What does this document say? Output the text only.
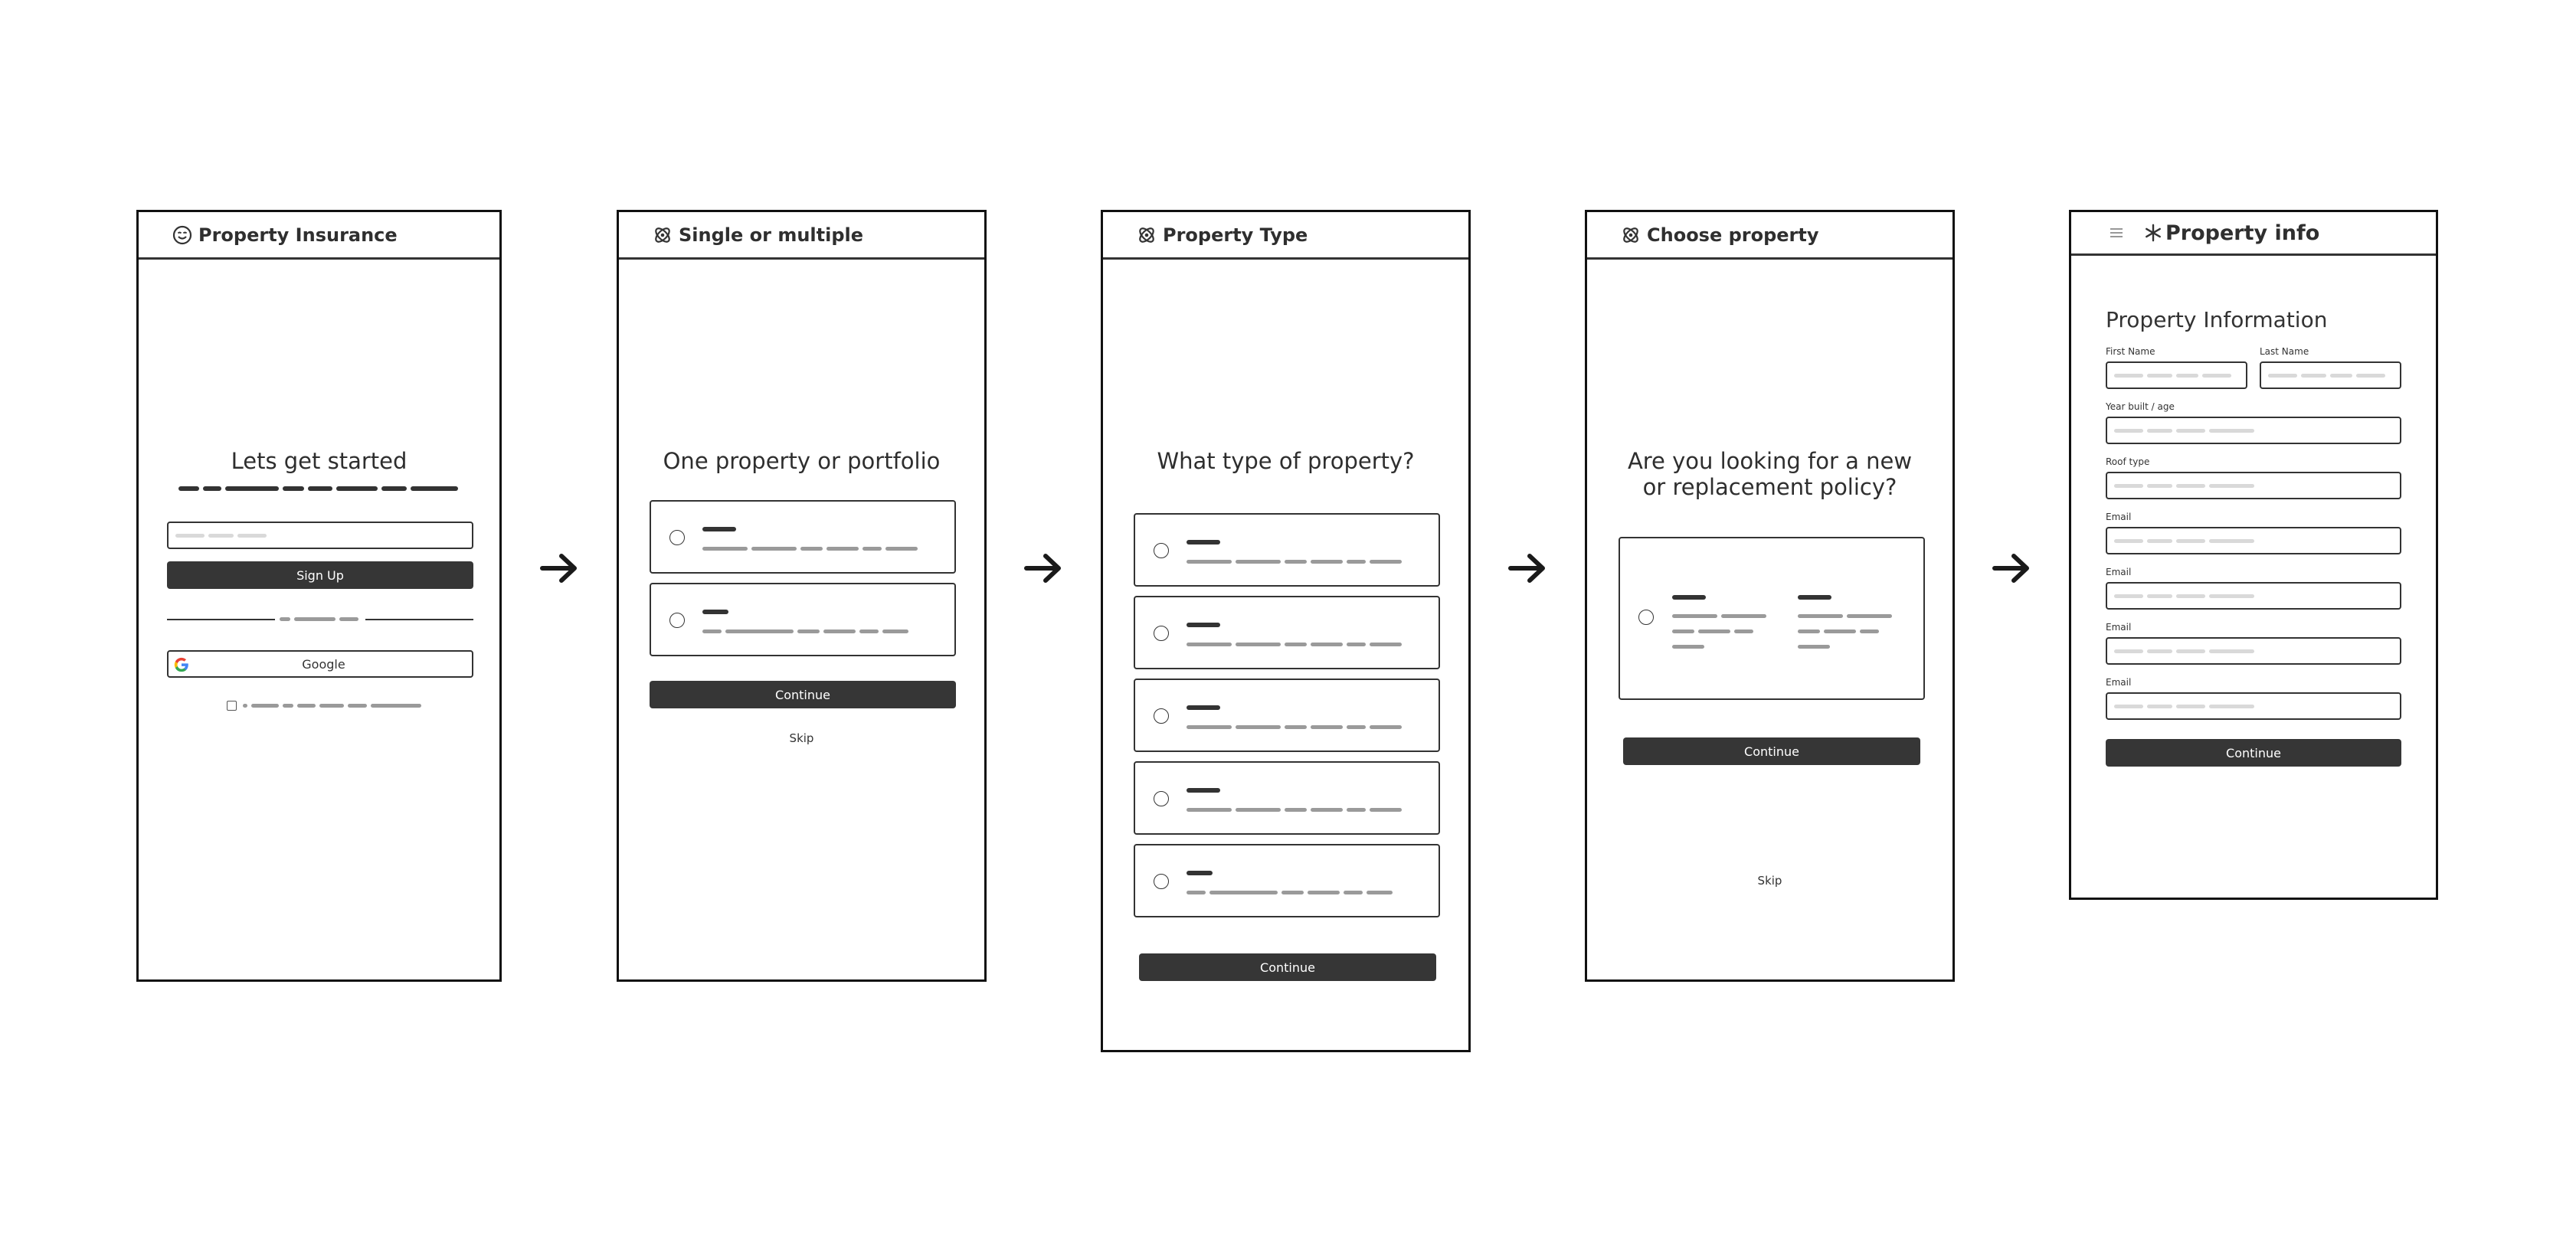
Property Insurance
Lets get started
Sign Up
Google
Single or multiple
One property or portfolio
Continue
Skip
Property Type
What type of property?
Continue
Choose property
Are you looking for a new
or replacement policy?
Continue
Skip
Property info
Property Information
First Name	Last Name
Year built / age
Roof type
Email
Email
Email
Email
Continue
